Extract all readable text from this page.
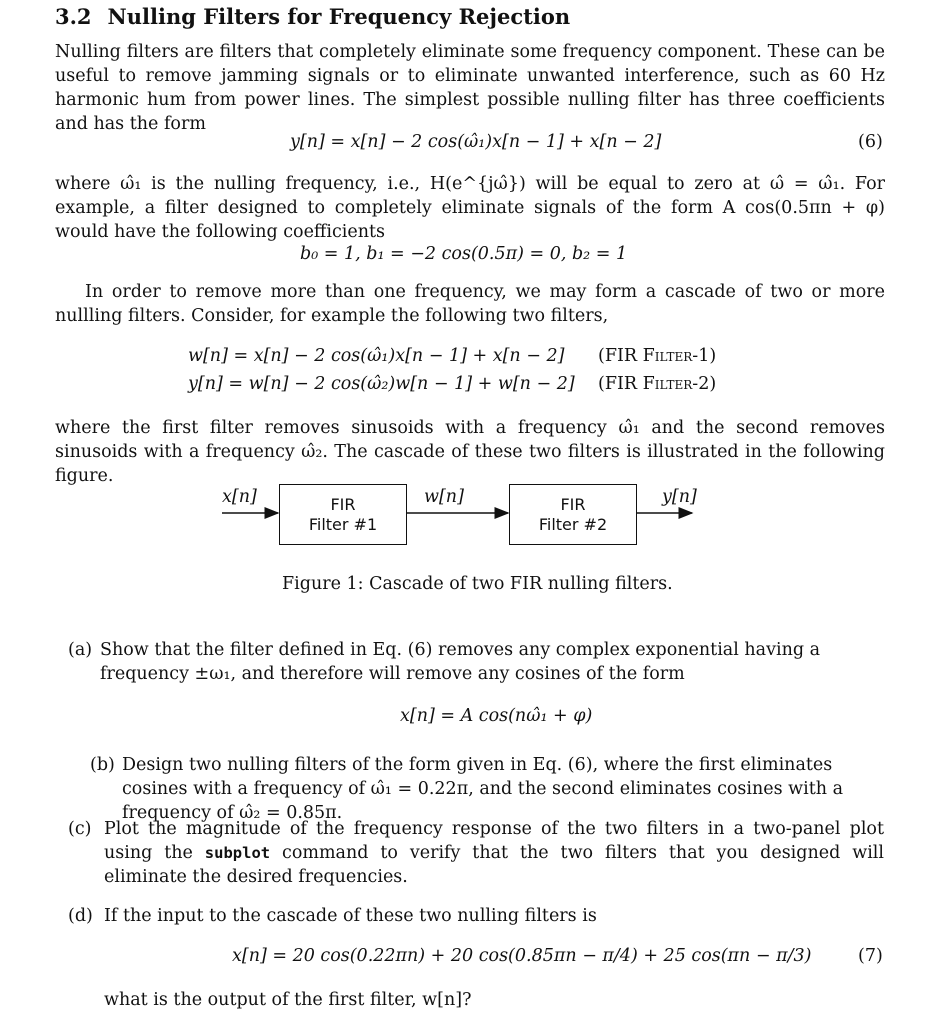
3.2 Nulling Filters for Frequency Rejection
Nulling filters are filters that completely eliminate some frequency component. These can be useful to remove jamming signals or to eliminate unwanted interference, such as 60 Hz harmonic hum from power lines. The simplest possible nulling filter has three coefficients and has the form
y[n] = x[n] − 2 cos(ω̂₁)x[n − 1] + x[n − 2]	(6)
where ω̂₁ is the nulling frequency, i.e., H(e^{jω̂}) will be equal to zero at ω̂ = ω̂₁. For example, a filter designed to completely eliminate signals of the form A cos(0.5πn + φ) would have the following coefficients
b₀ = 1, b₁ = −2 cos(0.5π) = 0, b₂ = 1
In order to remove more than one frequency, we may form a cascade of two or more nullling filters. Consider, for example the following two filters,
w[n] = x[n] − 2 cos(ω̂₁)x[n − 1] + x[n − 2] (FIR Filter-1)
y[n] = w[n] − 2 cos(ω̂₂)w[n − 1] + w[n − 2] (FIR Filter-2)
where the first filter removes sinusoids with a frequency ω̂₁ and the second removes sinusoids with a frequency ω̂₂. The cascade of these two filters is illustrated in the following figure.
x[n]	w[n]	y[n]
FIR
Filter #1
FIR
Filter #2
Figure 1: Cascade of two FIR nulling filters.
(a) Show that the filter defined in Eq. (6) removes any complex exponential having a frequency ±ω₁, and therefore will remove any cosines of the form
x[n] = A cos(nω̂₁ + φ)
(b) Design two nulling filters of the form given in Eq. (6), where the first eliminates cosines with a frequency of ω̂₁ = 0.22π, and the second eliminates cosines with a frequency of ω̂₂ = 0.85π.
(c) Plot the magnitude of the frequency response of the two filters in a two-panel plot using the subplot command to verify that the two filters that you designed will eliminate the desired frequencies.
(d) If the input to the cascade of these two nulling filters is
x[n] = 20 cos(0.22πn) + 20 cos(0.85πn − π/4) + 25 cos(πn − π/3)	(7)
what is the output of the first filter, w[n]?
